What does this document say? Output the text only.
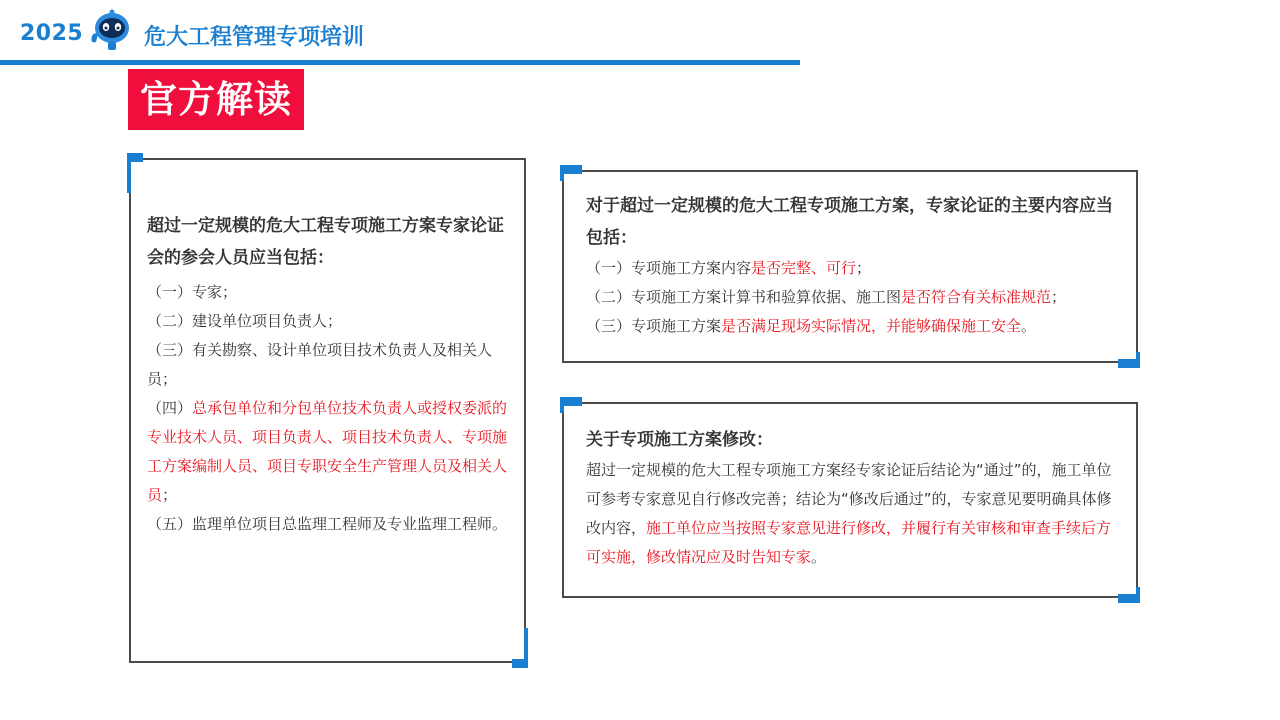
2025	危大工程管理专项培训
官方解读
超过一定规模的危大工程专项施工方案专家论证会的参会人员应当包括：
（一）专家；
（二）建设单位项目负责人；
（三）有关勘察、设计单位项目技术负责人及相关人员；
（四）总承包单位和分包单位技术负责人或授权委派的专业技术人员、项目负责人、项目技术负责人、专项施工方案编制人员、项目专职安全生产管理人员及相关人员；
（五）监理单位项目总监理工程师及专业监理工程师。
对于超过一定规模的危大工程专项施工方案，专家论证的主要内容应当包括：
（一）专项施工方案内容是否完整、可行；
（二）专项施工方案计算书和验算依据、施工图是否符合有关标准规范；
（三）专项施工方案是否满足现场实际情况，并能够确保施工安全。
关于专项施工方案修改：
超过一定规模的危大工程专项施工方案经专家论证后结论为“通过”的，施工单位可参考专家意见自行修改完善；结论为“修改后通过”的，专家意见要明确具体修改内容，施工单位应当按照专家意见进行修改，并履行有关审核和审查手续后方可实施，修改情况应及时告知专家。
